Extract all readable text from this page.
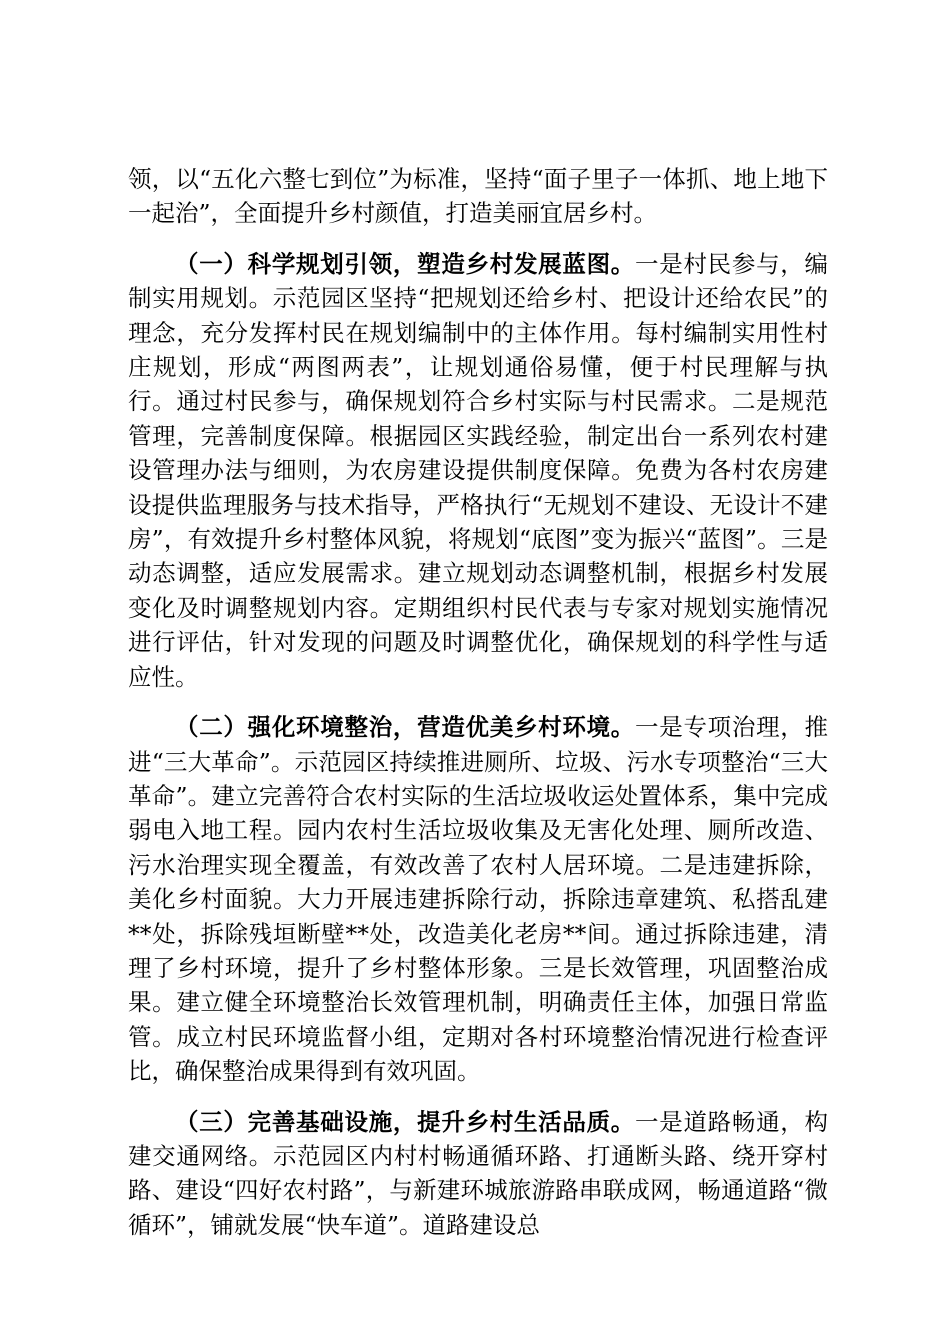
领，以“五化六整七到位”为标准，坚持“面子里子一体抓、地上地下一起治”，全面提升乡村颜值，打造美丽宜居乡村。

（一）科学规划引领，塑造乡村发展蓝图。一是村民参与，编制实用规划。示范园区坚持“把规划还给乡村、把设计还给农民”的理念，充分发挥村民在规划编制中的主体作用。每村编制实用性村庄规划，形成“两图两表”，让规划通俗易懂，便于村民理解与执行。通过村民参与，确保规划符合乡村实际与村民需求。二是规范管理，完善制度保障。根据园区实践经验，制定出台一系列农村建设管理办法与细则，为农房建设提供制度保障。免费为各村农房建设提供监理服务与技术指导，严格执行“无规划不建设、无设计不建房”，有效提升乡村整体风貌，将规划“底图”变为振兴“蓝图”。三是动态调整，适应发展需求。建立规划动态调整机制，根据乡村发展变化及时调整规划内容。定期组织村民代表与专家对规划实施情况进行评估，针对发现的问题及时调整优化，确保规划的科学性与适应性。

（二）强化环境整治，营造优美乡村环境。一是专项治理，推进“三大革命”。示范园区持续推进厕所、垃圾、污水专项整治“三大革命”。建立完善符合农村实际的生活垃圾收运处置体系，集中完成弱电入地工程。园内农村生活垃圾收集及无害化处理、厕所改造、污水治理实现全覆盖，有效改善了农村人居环境。二是违建拆除，美化乡村面貌。大力开展违建拆除行动，拆除违章建筑、私搭乱建**处，拆除残垣断壁**处，改造美化老房**间。通过拆除违建，清理了乡村环境，提升了乡村整体形象。三是长效管理，巩固整治成果。建立健全环境整治长效管理机制，明确责任主体，加强日常监管。成立村民环境监督小组，定期对各村环境整治情况进行检查评比，确保整治成果得到有效巩固。

（三）完善基础设施，提升乡村生活品质。一是道路畅通，构建交通网络。示范园区内村村畅通循环路、打通断头路、绕开穿村路、建设“四好农村路”，与新建环城旅游路串联成网，畅通道路“微循环”，铺就发展“快车道”。道路建设总
